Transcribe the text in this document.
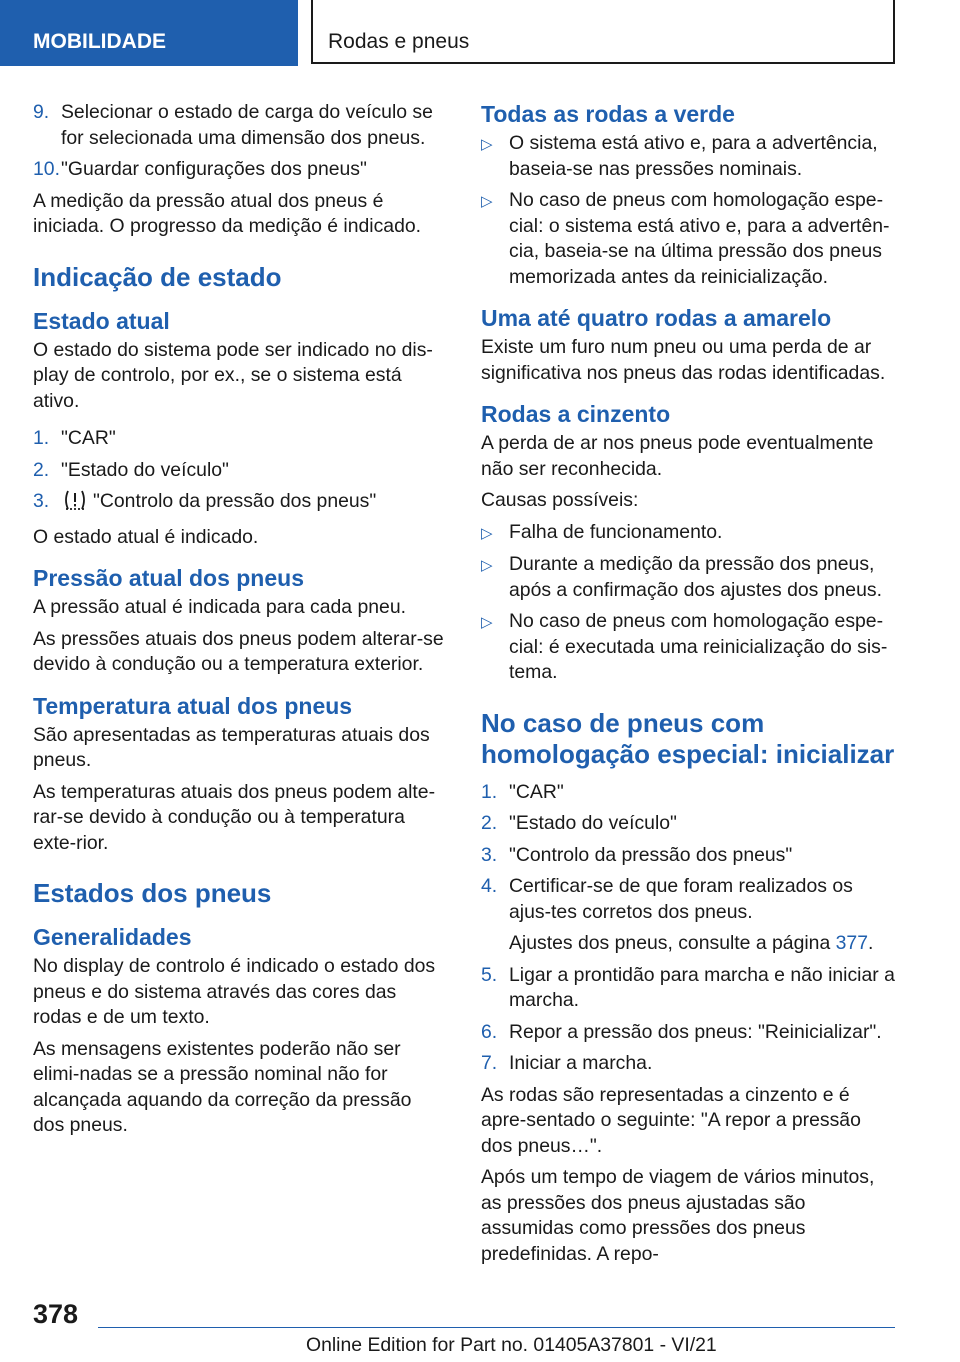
MOBILIDADE	Rodas e pneus
9. Selecionar o estado de carga do veículo se for selecionada uma dimensão dos pneus.
10. "Guardar configurações dos pneus"

A medição da pressão atual dos pneus é iniciada. O progresso da medição é indicado.

Indicação de estado
Estado atual

O estado do sistema pode ser indicado no dis-play de controlo, por ex., se o sistema está ativo.

1. "CAR"
2. "Estado do veículo"
3.	"Controlo da pressão dos pneus"

O estado atual é indicado.

Pressão atual dos pneus

A pressão atual é indicada para cada pneu.

As pressões atuais dos pneus podem alterar-se devido à condução ou a temperatura exterior.

Temperatura atual dos pneus

São apresentadas as temperaturas atuais dos pneus.

As temperaturas atuais dos pneus podem alte-rar-se devido à condução ou à temperatura exte-rior.

Estados dos pneus
Generalidades

No display de controlo é indicado o estado dos pneus e do sistema através das cores das rodas e de um texto.

As mensagens existentes poderão não ser elimi-nadas se a pressão nominal não for alcançada aquando da correção da pressão dos pneus.

Todas as rodas a verde
▷ O sistema está ativo e, para a advertência, baseia-se nas pressões nominais.
▷ No caso de pneus com homologação espe-cial: o sistema está ativo e, para a advertên-cia, baseia-se na última pressão dos pneus memorizada antes da reinicialização.
Uma até quatro rodas a amarelo

Existe um furo num pneu ou uma perda de ar significativa nos pneus das rodas identificadas.

Rodas a cinzento

A perda de ar nos pneus pode eventualmente não ser reconhecida.

Causas possíveis:

▷ Falha de funcionamento.
▷ Durante a medição da pressão dos pneus, após a confirmação dos ajustes dos pneus.
▷ No caso de pneus com homologação espe-cial: é executada uma reinicialização do sis-tema.
No caso de pneus com homologação especial: inicializar
1. "CAR"
2. "Estado do veículo"
3. "Controlo da pressão dos pneus"
4. Certificar-se de que foram realizados os ajus-tes corretos dos pneus.
Ajustes dos pneus, consulte a página 377.
5. Ligar a prontidão para marcha e não iniciar a marcha.
6. Repor a pressão dos pneus: "Reinicializar".
7. Iniciar a marcha.

As rodas são representadas a cinzento e é apre-sentado o seguinte: "A repor a pressão dos pneus…".

Após um tempo de viagem de vários minutos, as pressões dos pneus ajustadas são assumidas como pressões dos pneus predefinidas. A repo-

378
Online Edition for Part no. 01405A37801 - VI/21
